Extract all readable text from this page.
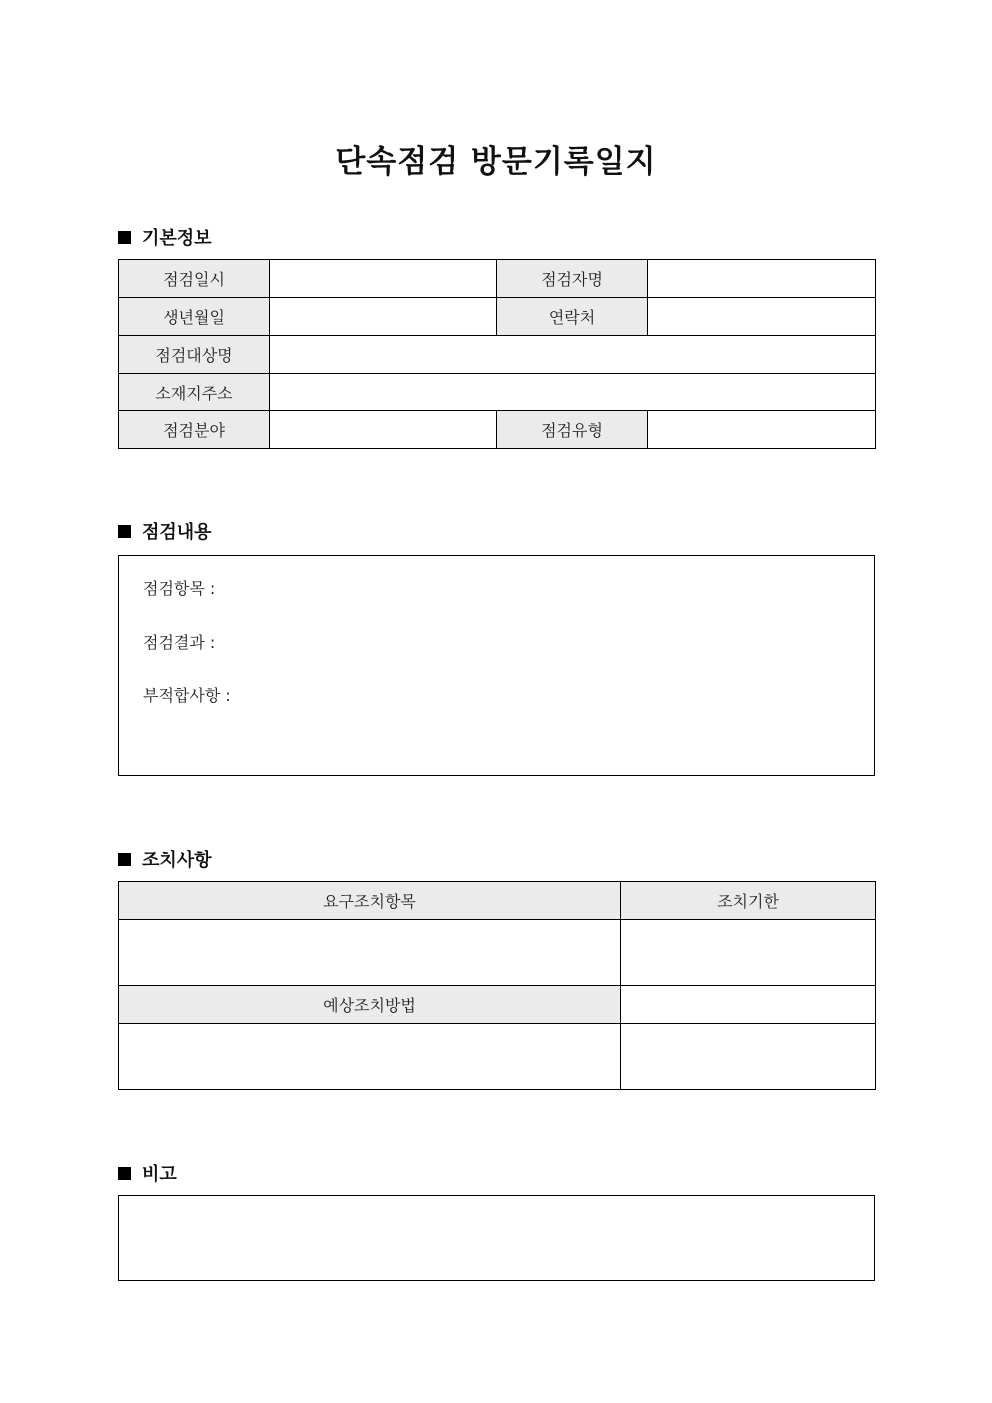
단속점검 방문기록일지
기본정보
점검일시		점검자명	
생년월일		연락처	
점검대상명			
소재지주소			
점검분야		점검유형	
점검내용
점검항목 :
점검결과 :
부적합사항 :
조치사항
요구조치항목	조치기한

예상조치방법	

비고
